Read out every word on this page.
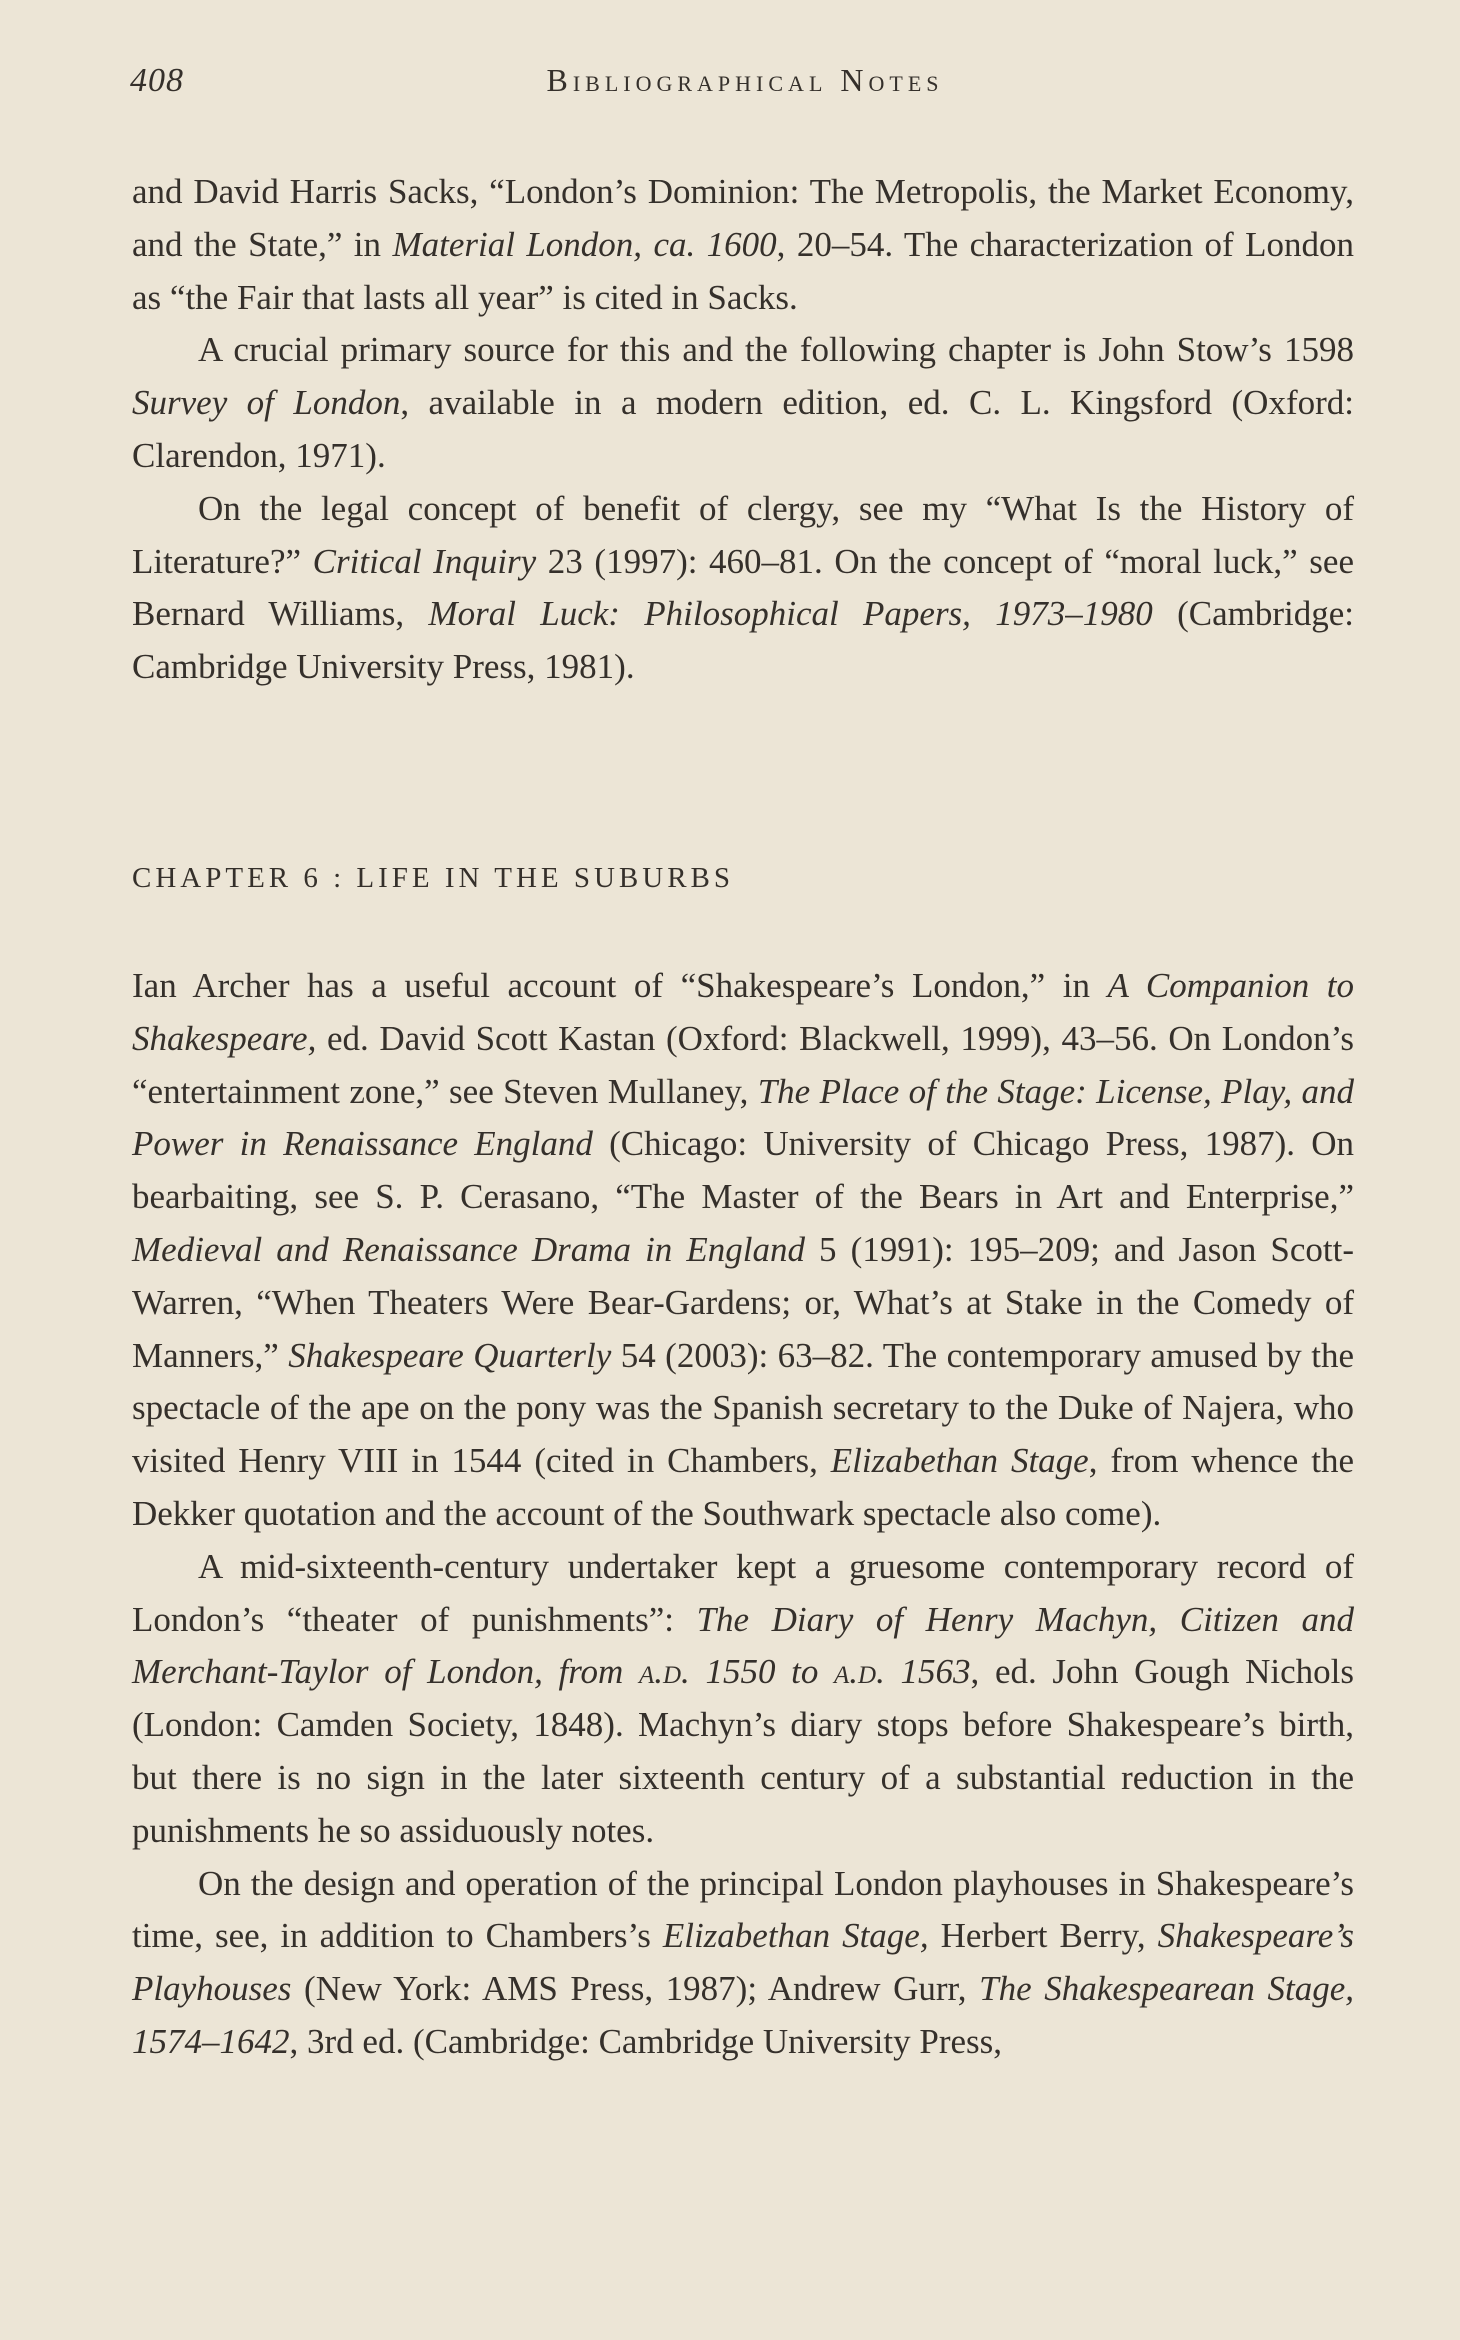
408	Bibliographical Notes

and David Harris Sacks, “London’s Dominion: The Metropolis, the Market Economy, and the State,” in Material London, ca. 1600, 20–54. The characterization of London as “the Fair that lasts all year” is cited in Sacks.

A crucial primary source for this and the following chapter is John Stow’s 1598 Survey of London, available in a modern edition, ed. C. L. Kingsford (Oxford: Clarendon, 1971).

On the legal concept of benefit of clergy, see my “What Is the History of Literature?” Critical Inquiry 23 (1997): 460–81. On the concept of “moral luck,” see Bernard Williams, Moral Luck: Philosophical Papers, 1973–1980 (Cambridge: Cambridge University Press, 1981).

CHAPTER 6 : LIFE IN THE SUBURBS

Ian Archer has a useful account of “Shakespeare’s London,” in A Companion to Shakespeare, ed. David Scott Kastan (Oxford: Blackwell, 1999), 43–56. On London’s “entertainment zone,” see Steven Mullaney, The Place of the Stage: License, Play, and Power in Renaissance England (Chicago: University of Chicago Press, 1987). On bearbaiting, see S. P. Cerasano, “The Master of the Bears in Art and Enterprise,” Medieval and Renaissance Drama in England 5 (1991): 195–209; and Jason Scott-Warren, “When Theaters Were Bear-Gardens; or, What’s at Stake in the Comedy of Manners,” Shakespeare Quarterly 54 (2003): 63–82. The contemporary amused by the spectacle of the ape on the pony was the Spanish secretary to the Duke of Najera, who visited Henry VIII in 1544 (cited in Chambers, Elizabethan Stage, from whence the Dekker quotation and the account of the Southwark spectacle also come).

A mid-sixteenth-century undertaker kept a gruesome contemporary record of London’s “theater of punishments”: The Diary of Henry Machyn, Citizen and Merchant-Taylor of London, from a.d. 1550 to a.d. 1563, ed. John Gough Nichols (London: Camden Society, 1848). Machyn’s diary stops before Shakespeare’s birth, but there is no sign in the later sixteenth century of a substantial reduction in the punishments he so assiduously notes.

On the design and operation of the principal London playhouses in Shakespeare’s time, see, in addition to Chambers’s Elizabethan Stage, Herbert Berry, Shakespeare’s Playhouses (New York: AMS Press, 1987); Andrew Gurr, The Shakespearean Stage, 1574–1642, 3rd ed. (Cambridge: Cambridge University Press,
